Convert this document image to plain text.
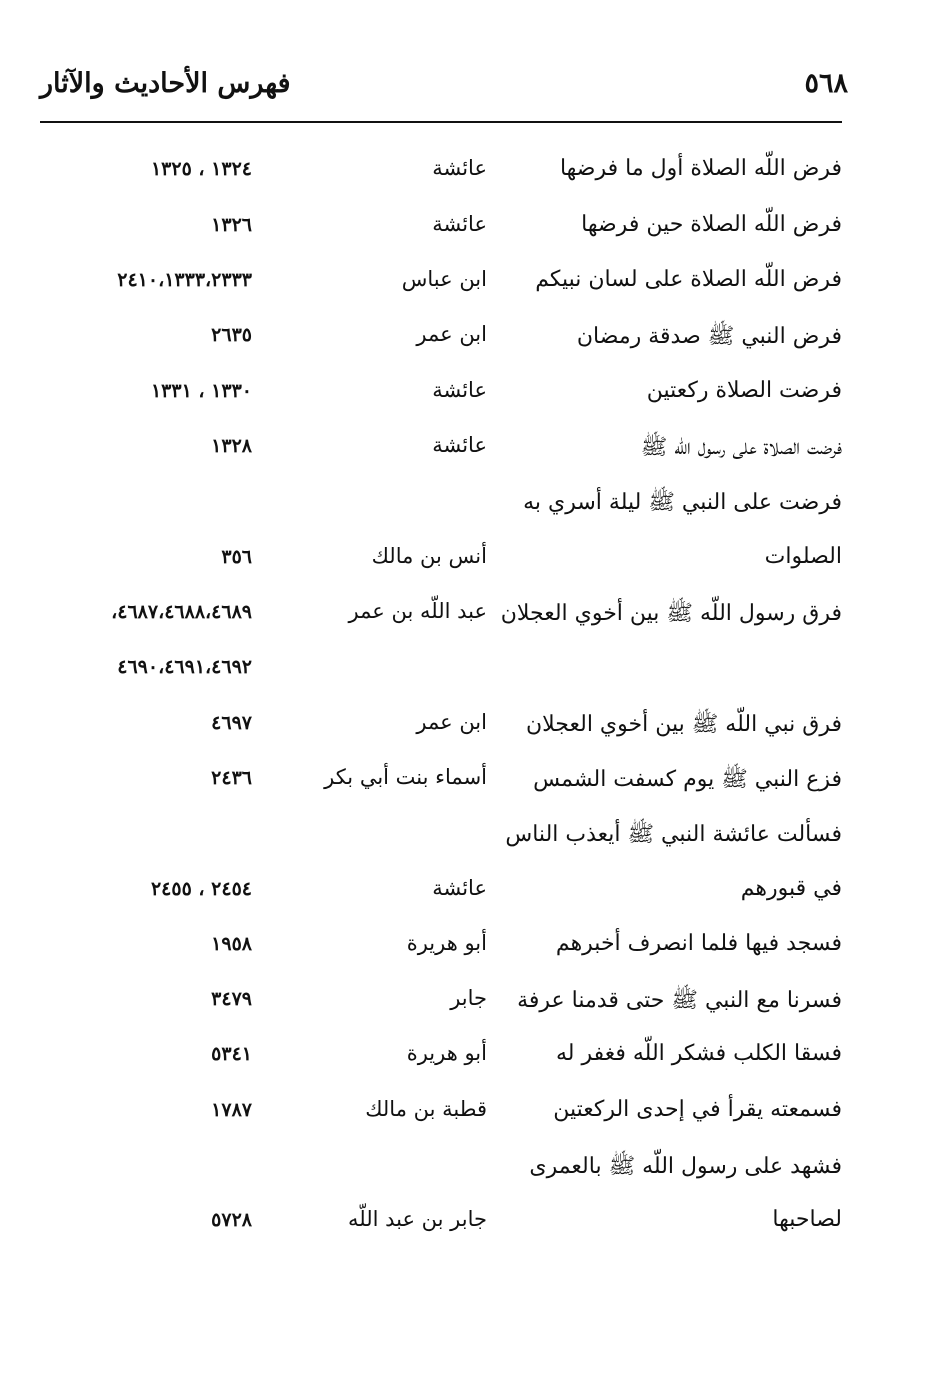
٥٦٨
فهرس الأحاديث والآثار
فرض اللّه الصلاة أول ما فرضها
عائشة
١٣٢٤ ، ١٣٢٥
فرض اللّه الصلاة حين فرضها
عائشة
١٣٢٦
فرض اللّه الصلاة على لسان نبيكم
ابن عباس
٢٤١٠،١٣٣٣،٢٣٣٣
فرض النبي ﷺ صدقة رمضان
ابن عمر
٢٦٣٥
فرضت الصلاة ركعتين
عائشة
١٣٣٠ ، ١٣٣١
فرضت الصلاة على رسول اللّه ﷺ
عائشة
١٣٢٨
فرضت على النبي ﷺ ليلة أسري به
الصلوات
أنس بن مالك
٣٥٦
فرق رسول اللّه ﷺ بين أخوي العجلان
عبد اللّه بن عمر
٤٦٨٧،٤٦٨٨،٤٦٨٩،
٤٦٩٠،٤٦٩١،٤٦٩٢
فرق نبي اللّه ﷺ بين أخوي العجلان
ابن عمر
٤٦٩٧
فزع النبي ﷺ يوم كسفت الشمس
أسماء بنت أبي بكر
٢٤٣٦
فسألت عائشة النبي ﷺ أيعذب الناس
في قبورهم
عائشة
٢٤٥٤ ، ٢٤٥٥
فسجد فيها فلما انصرف أخبرهم
أبو هريرة
١٩٥٨
فسرنا مع النبي ﷺ حتى قدمنا عرفة
جابر
٣٤٧٩
فسقا الكلب فشكر اللّه فغفر له
أبو هريرة
٥٣٤١
فسمعته يقرأ في إحدى الركعتين
قطبة بن مالك
١٧٨٧
فشهد على رسول اللّه ﷺ بالعمرى
لصاحبها
جابر بن عبد اللّه
٥٧٢٨
